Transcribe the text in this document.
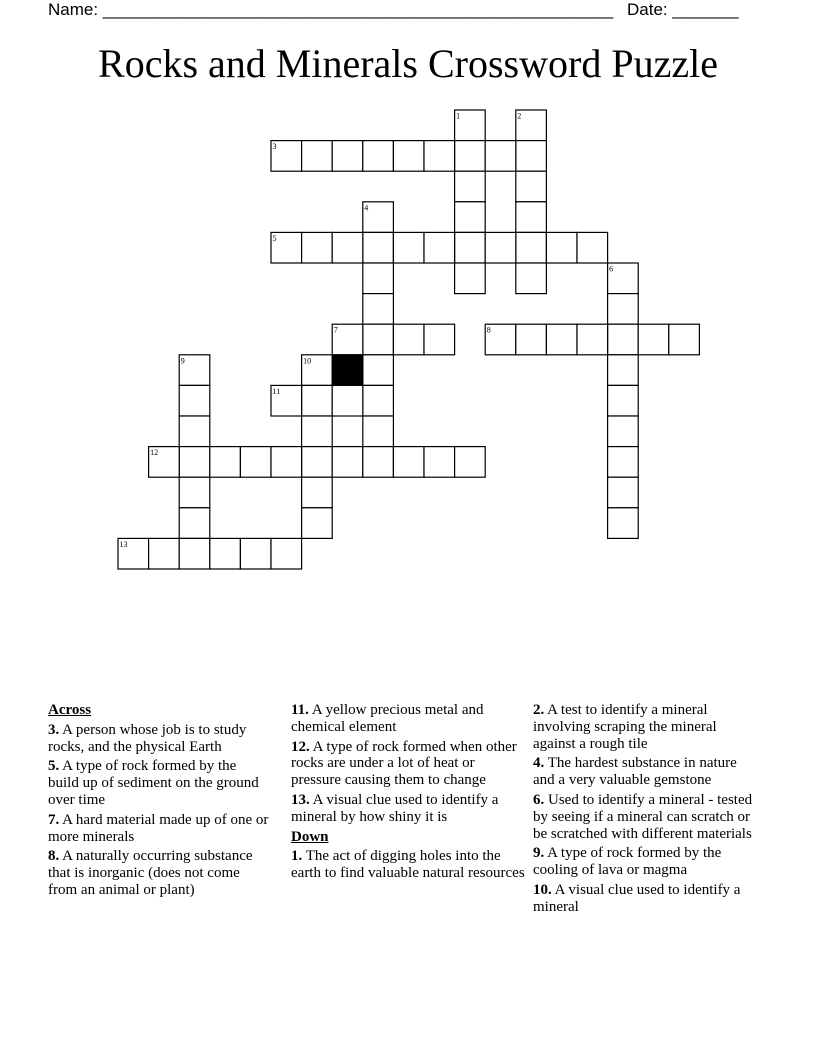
Name: ______________________________________________________ Date: _______
Rocks and Minerals Crossword Puzzle
1	2
3
4
5
6
7	8
9	10
11
12
13
Across
3. A person whose job is to study rocks, and the physical Earth
5. A type of rock formed by the build up of sediment on the ground over time
7. A hard material made up of one or more minerals
8. A naturally occurring substance that is inorganic (does not come from an animal or plant)
11. A yellow precious metal and chemical element
12. A type of rock formed when other rocks are under a lot of heat or pressure causing them to change
13. A visual clue used to identify a mineral by how shiny it is
Down
1. The act of digging holes into the earth to find valuable natural resources
2. A test to identify a mineral involving scraping the mineral against a rough tile
4. The hardest substance in nature and a very valuable gemstone
6. Used to identify a mineral - tested by seeing if a mineral can scratch or be scratched with different materials
9. A type of rock formed by the cooling of lava or magma
10. A visual clue used to identify a mineral
